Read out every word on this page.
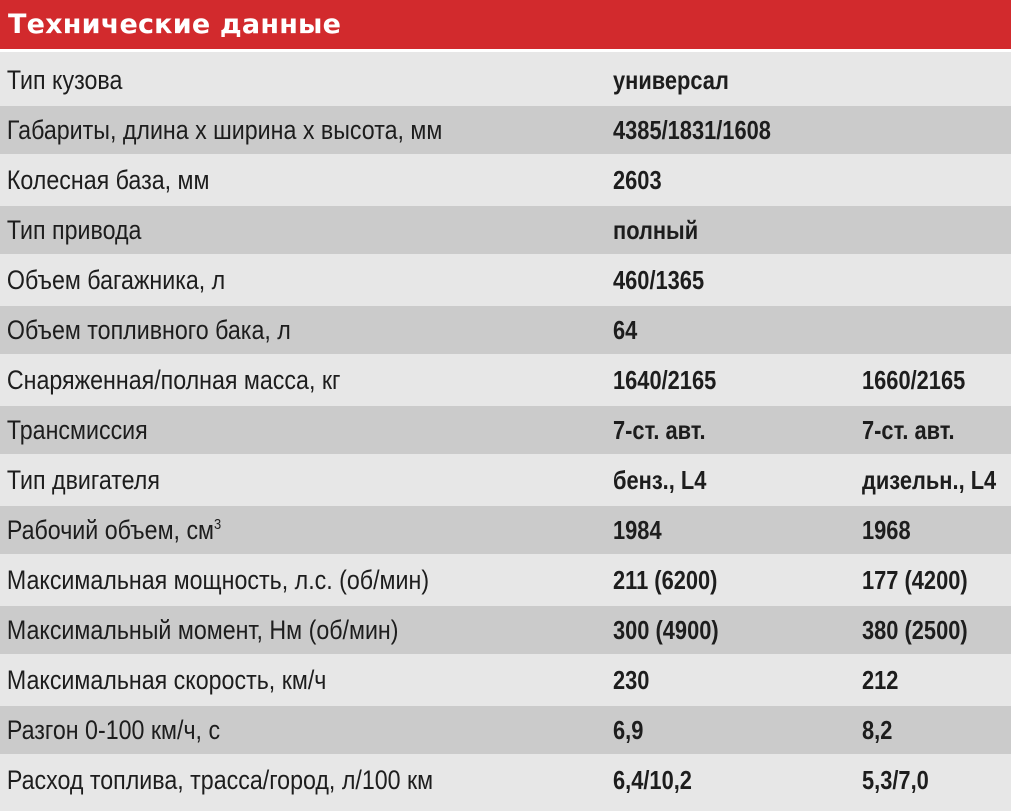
Технические данные
Тип кузова	универсал
Габариты, длина х ширина х высота, мм	4385/1831/1608
Колесная база, мм	2603
Тип привода	полный
Объем багажника, л	460/1365
Объем топливного бака, л	64
Снаряженная/полная масса, кг	1640/2165	1660/2165
Трансмиссия	7-ст. авт.	7-ст. авт.
Тип двигателя	бенз., L4	дизельн., L4
Рабочий объем, $см^3$	1984	1968
Максимальная мощность, л.с. (об/мин)	211 (6200)	177 (4200)
Максимальный момент, Нм (об/мин)	300 (4900)	380 (2500)
Максимальная скорость, км/ч	230	212
Разгон 0-100 км/ч, с	6,9	8,2
Расход топлива, трасса/город, л/100 км	6,4/10,2	5,3/7,0
